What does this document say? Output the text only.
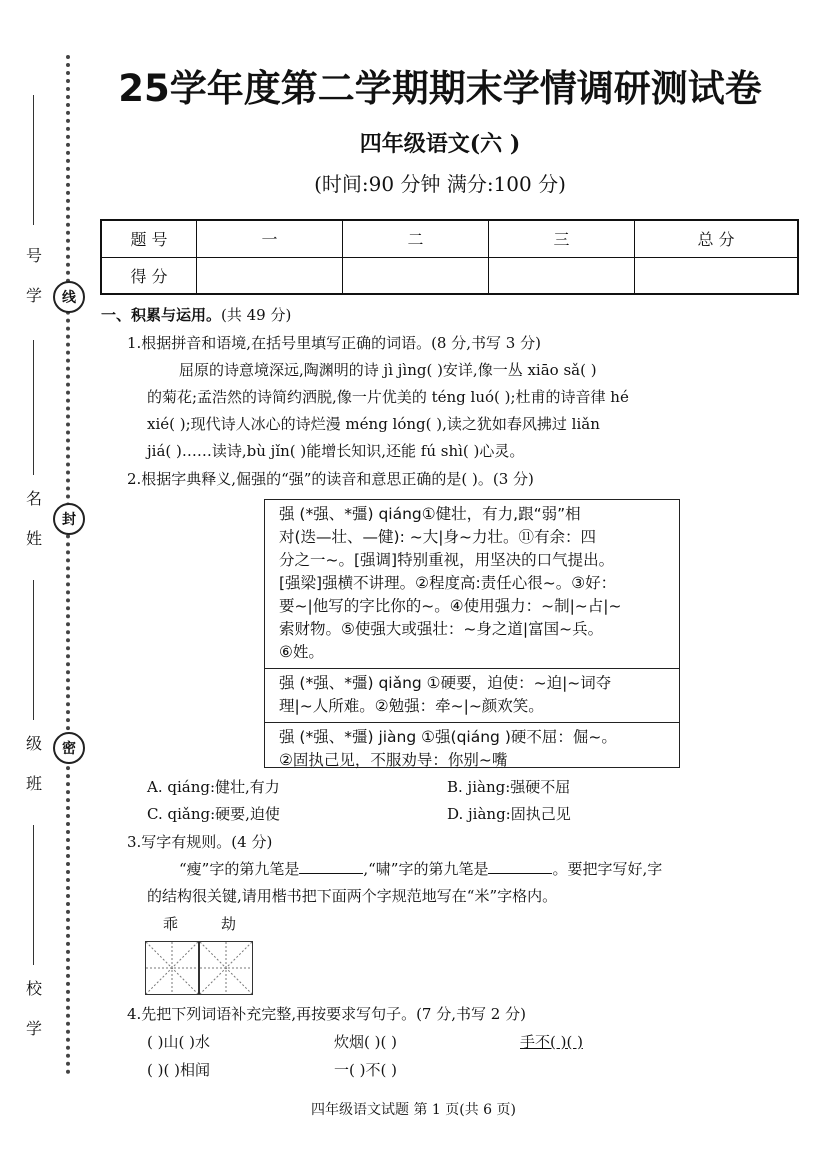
线
封
密
号
学
名
姓
级
班
校
学
25学年度第二学期期末学情调研测试卷
四年级语文(六 )
(时间:90 分钟 满分:100 分)
题 号	一	二	三	总 分
得 分				
一、积累与运用。(共 49 分)
1.根据拼音和语境,在括号里填写正确的词语。(8 分,书写 3 分)
屈原的诗意境深远,陶渊明的诗 jì jìng( )安详,像一丛 xiāo sǎ( )
的菊花;孟浩然的诗简约洒脱,像一片优美的 téng luó( );杜甫的诗音律 hé
xié( );现代诗人冰心的诗烂漫 méng lóng( ),读之犹如春风拂过 liǎn
jiá( )……读诗,bù jǐn( )能增长知识,还能 fú shì( )心灵。
2.根据字典释义,倔强的“强”的读音和意思正确的是( )。(3 分)
强 (*强、*彊) qiáng①健壮，有力,跟“弱”相
对(迭—壮、—健): ~大|身~力壮。⑪有余：四
分之一~。[强调]特别重视，用坚决的口气提出。
[强梁]强横不讲理。②程度高:责任心很~。③好：
要~|他写的字比你的~。④使用强力：~制|~占|~
索财物。⑤使强大或强壮：~身之道|富国~兵。
⑥姓。
强 (*强、*彊) qiǎng ①硬要，迫使：~迫|~词夺
理|~人所难。②勉强：牵~|~颜欢笑。
强 (*强、*彊) jiàng ①强(qiáng )硬不屈：倔~。
②固执己见，不服劝导：你别~嘴
A. qiáng:健壮,有力	B. jiàng:强硬不屈
C. qiǎng:硬要,迫使	D. jiàng:固执己见
3.写字有规则。(4 分)
“瘦”字的第九笔是	,“啸”字的第九笔是	。要把字写好,字
的结构很关键,请用楷书把下面两个字规范地写在“米”字格内。
乖	劫
4.先把下列词语补充完整,再按要求写句子。(7 分,书写 2 分)
( )山( )水	炊烟( )( )	手不( )( )
( )( )相闻	一( )不( )
四年级语文试题 第 1 页(共 6 页)
